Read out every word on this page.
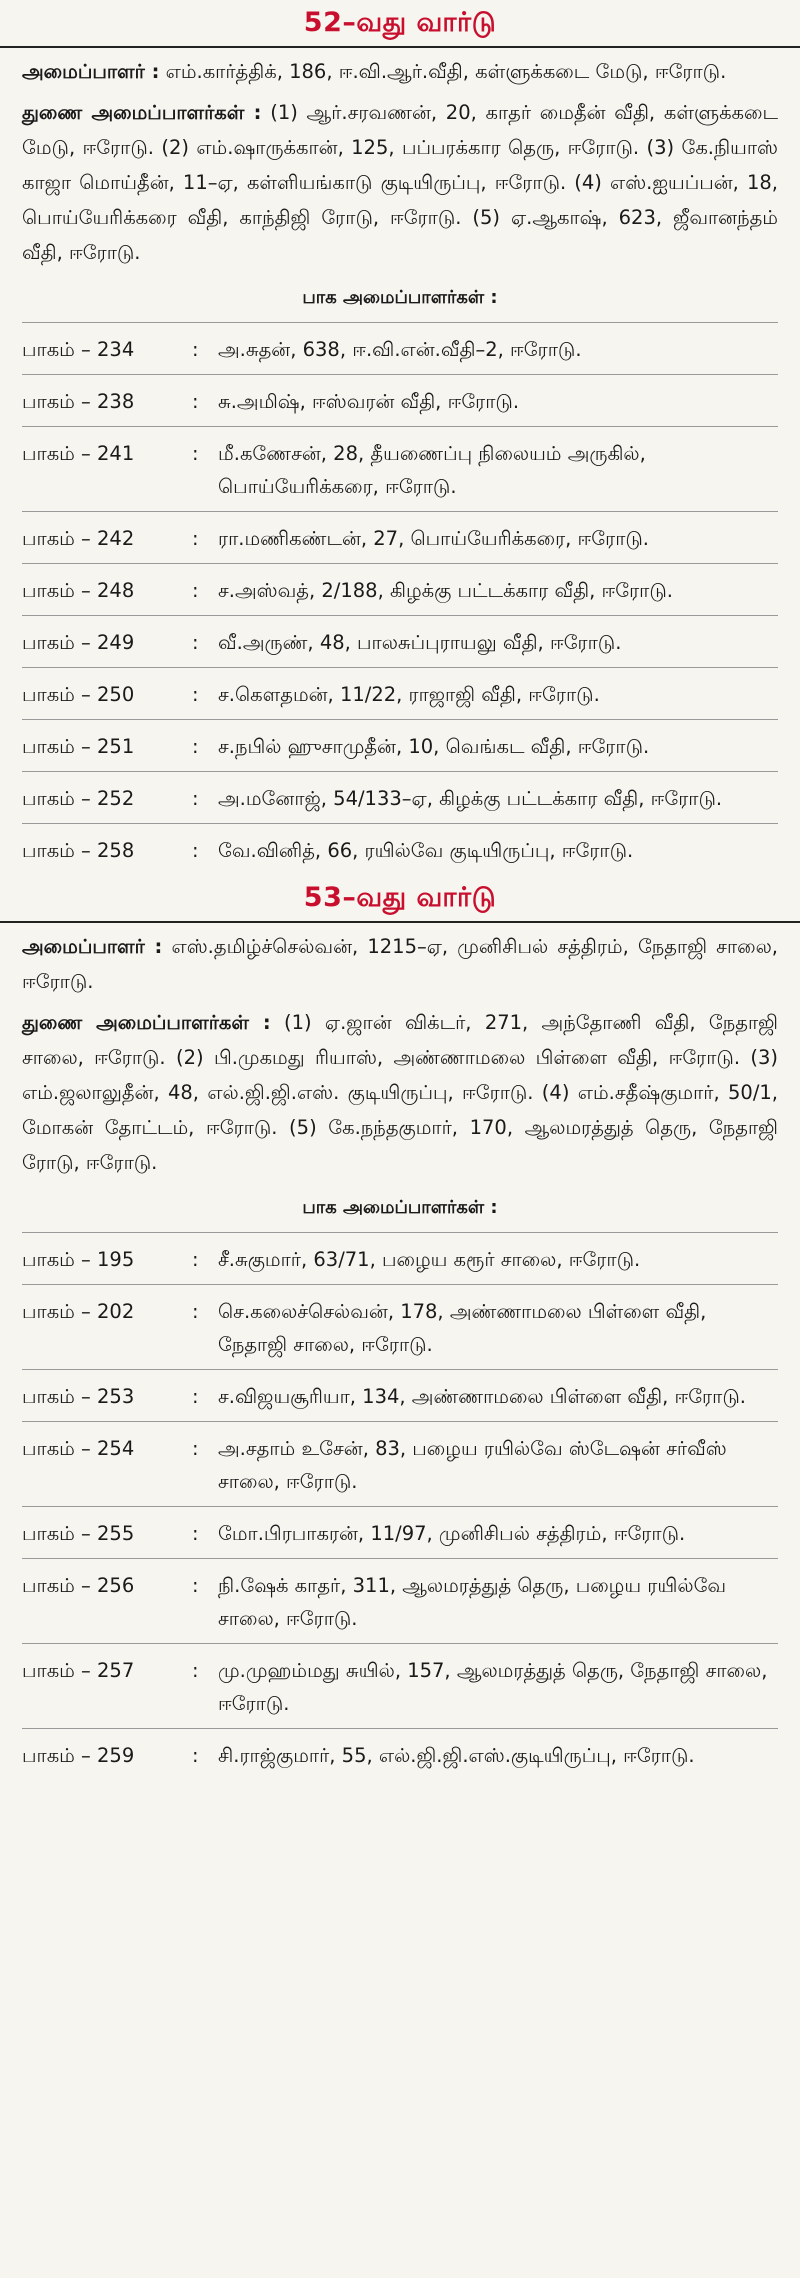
52–வது வார்டு

அமைப்பாளர் : எம்.கார்த்திக், 186, ஈ.வி.ஆர்.வீதி, கள்ளுக்கடை மேடு, ஈரோடு.

துணை அமைப்பாளர்கள் : (1) ஆர்.சரவணன், 20, காதர் மைதீன் வீதி, கள்ளுக்கடை மேடு, ஈரோடு. (2) எம்.ஷாருக்கான், 125, பப்பரக்கார தெரு, ஈரோடு. (3) கே.நியாஸ் காஜா மொய்தீன், 11–ஏ, கள்ளியங்காடு குடியிருப்பு, ஈரோடு. (4) எஸ்.ஐயப்பன், 18, பொய்யேரிக்கரை வீதி, காந்திஜி ரோடு, ஈரோடு. (5) ஏ.ஆகாஷ், 623, ஜீவானந்தம் வீதி, ஈரோடு.

பாக அமைப்பாளர்கள் :
பாகம் – 234	: அ.சுதன், 638, ஈ.வி.என்.வீதி–2, ஈரோடு.
பாகம் – 238	: சு.அமிஷ், ஈஸ்வரன் வீதி, ஈரோடு.
பாகம் – 241	: மீ.கணேசன், 28, தீயணைப்பு நிலையம் அருகில், பொய்யேரிக்கரை, ஈரோடு.
பாகம் – 242	: ரா.மணிகண்டன், 27, பொய்யேரிக்கரை, ஈரோடு.
பாகம் – 248	: ச.அஸ்வத், 2/188, கிழக்கு பட்டக்கார வீதி, ஈரோடு.
பாகம் – 249	: வீ.அருண், 48, பாலசுப்புராயலு வீதி, ஈரோடு.
பாகம் – 250	: ச.கௌதமன், 11/22, ராஜாஜி வீதி, ஈரோடு.
பாகம் – 251	: ச.நபில் ஹுசாமுதீன், 10, வெங்கட வீதி, ஈரோடு.
பாகம் – 252	: அ.மனோஜ், 54/133–ஏ, கிழக்கு பட்டக்கார வீதி, ஈரோடு.
பாகம் – 258	: வே.வினித், 66, ரயில்வே குடியிருப்பு, ஈரோடு.
53–வது வார்டு

அமைப்பாளர் : எஸ்.தமிழ்ச்செல்வன், 1215–ஏ, முனிசிபல் சத்திரம், நேதாஜி சாலை, ஈரோடு.

துணை அமைப்பாளர்கள் : (1) ஏ.ஜான் விக்டர், 271, அந்தோணி வீதி, நேதாஜி சாலை, ஈரோடு. (2) பி.முகமது ரியாஸ், அண்ணாமலை பிள்ளை வீதி, ஈரோடு. (3) எம்.ஜலாலுதீன், 48, எல்.ஜி.ஜி.எஸ். குடியிருப்பு, ஈரோடு. (4) எம்.சதீஷ்குமார், 50/1, மோகன் தோட்டம், ஈரோடு. (5) கே.நந்தகுமார், 170, ஆலமரத்துத் தெரு, நேதாஜி ரோடு, ஈரோடு.

பாக அமைப்பாளர்கள் :
பாகம் – 195	: சீ.சுகுமார், 63/71, பழைய கரூர் சாலை, ஈரோடு.
பாகம் – 202	: செ.கலைச்செல்வன், 178, அண்ணாமலை பிள்ளை வீதி, நேதாஜி சாலை, ஈரோடு.
பாகம் – 253	: ச.விஜயசூரியா, 134, அண்ணாமலை பிள்ளை வீதி, ஈரோடு.
பாகம் – 254	: அ.சதாம் உசேன், 83, பழைய ரயில்வே ஸ்டேஷன் சர்வீஸ் சாலை, ஈரோடு.
பாகம் – 255	: மோ.பிரபாகரன், 11/97, முனிசிபல் சத்திரம், ஈரோடு.
பாகம் – 256	: நி.ஷேக் காதர், 311, ஆலமரத்துத் தெரு, பழைய ரயில்வே சாலை, ஈரோடு.
பாகம் – 257	: மு.முஹம்மது சுயில், 157, ஆலமரத்துத் தெரு, நேதாஜி சாலை, ஈரோடு.
பாகம் – 259	: சி.ராஜ்குமார், 55, எல்.ஜி.ஜி.எஸ்.குடியிருப்பு, ஈரோடு.
